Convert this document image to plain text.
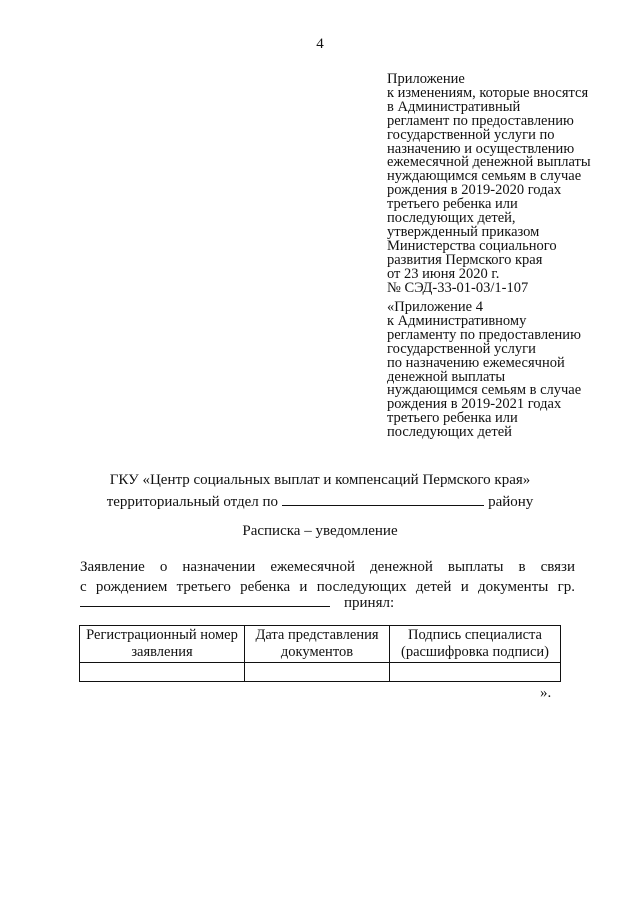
4
Приложение
к изменениям, которые вносятся
в Административный
регламент по предоставлению
государственной услуги по
назначению и осуществлению
ежемесячной денежной выплаты
нуждающимся семьям в случае
рождения в 2019-2020 годах
третьего ребенка или
последующих детей,
утвержденный приказом
Министерства социального
развития Пермского края
от 23 июня 2020 г.
№ СЭД-33-01-03/1-107
«Приложение 4
к Административному
регламенту по предоставлению
государственной услуги
по назначению ежемесячной
денежной выплаты
нуждающимся семьям в случае
рождения в 2019-2021 годах
третьего ребенка или
последующих детей
ГКУ «Центр социальных выплат и компенсаций Пермского края»
территориальный отдел по	району
Расписка – уведомление
Заявление о назначении ежемесячной денежной выплаты в связи
с рождением третьего ребенка и последующих детей и документы гр.
принял:
Регистрационный номер заявления	Дата представления документов	Подпись специалиста (расшифровка подписи)

».
